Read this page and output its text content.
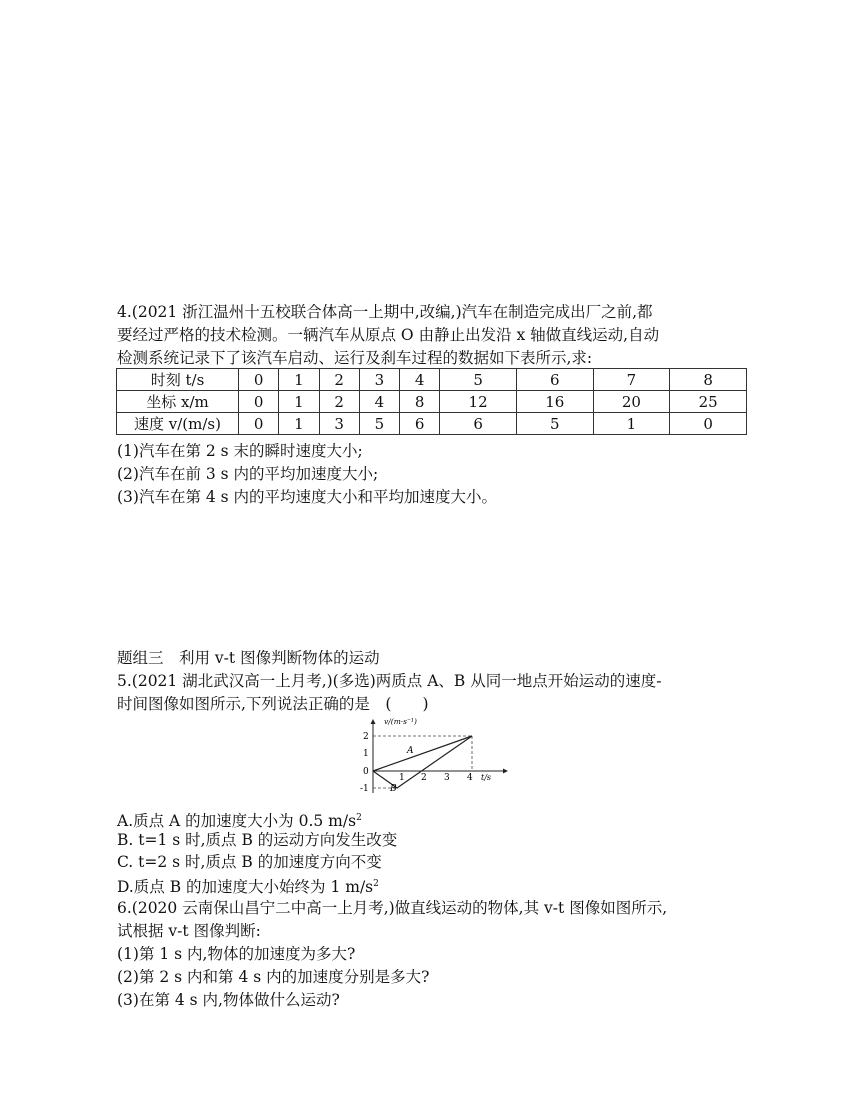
4.(2021 浙江温州十五校联合体高一上期中,改编,)汽车在制造完成出厂之前,都
要经过严格的技术检测。一辆汽车从原点 O 由静止出发沿 x 轴做直线运动,自动
检测系统记录下了该汽车启动、运行及刹车过程的数据如下表所示,求:
时刻 t/s	0	1	2	3	4	5	6	7	8
坐标 x/m	0	1	2	4	8	12	16	20	25
速度 v/(m/s)	0	1	3	5	6	6	5	1	0
(1)汽车在第 2 s 末的瞬时速度大小;
(2)汽车在前 3 s 内的平均加速度大小;
(3)汽车在第 4 s 内的平均速度大小和平均加速度大小。
题组三　利用 v-t 图像判断物体的运动
5.(2021 湖北武汉高一上月考,)(多选)两质点 A、B 从同一地点开始运动的速度-
时间图像如图所示,下列说法正确的是　(　　)
v/(m·s⁻¹)
2
1
0
-1
1 2 3 4 t/s
A
B
A.质点 A 的加速度大小为 0.5 $m/s^2$
B. t=1 s 时,质点 B 的运动方向发生改变
C. t=2 s 时,质点 B 的加速度方向不变
D.质点 B 的加速度大小始终为 1 $m/s^2$
6.(2020 云南保山昌宁二中高一上月考,)做直线运动的物体,其 v-t 图像如图所示,
试根据 v-t 图像判断:
(1)第 1 s 内,物体的加速度为多大?
(2)第 2 s 内和第 4 s 内的加速度分别是多大?
(3)在第 4 s 内,物体做什么运动?
